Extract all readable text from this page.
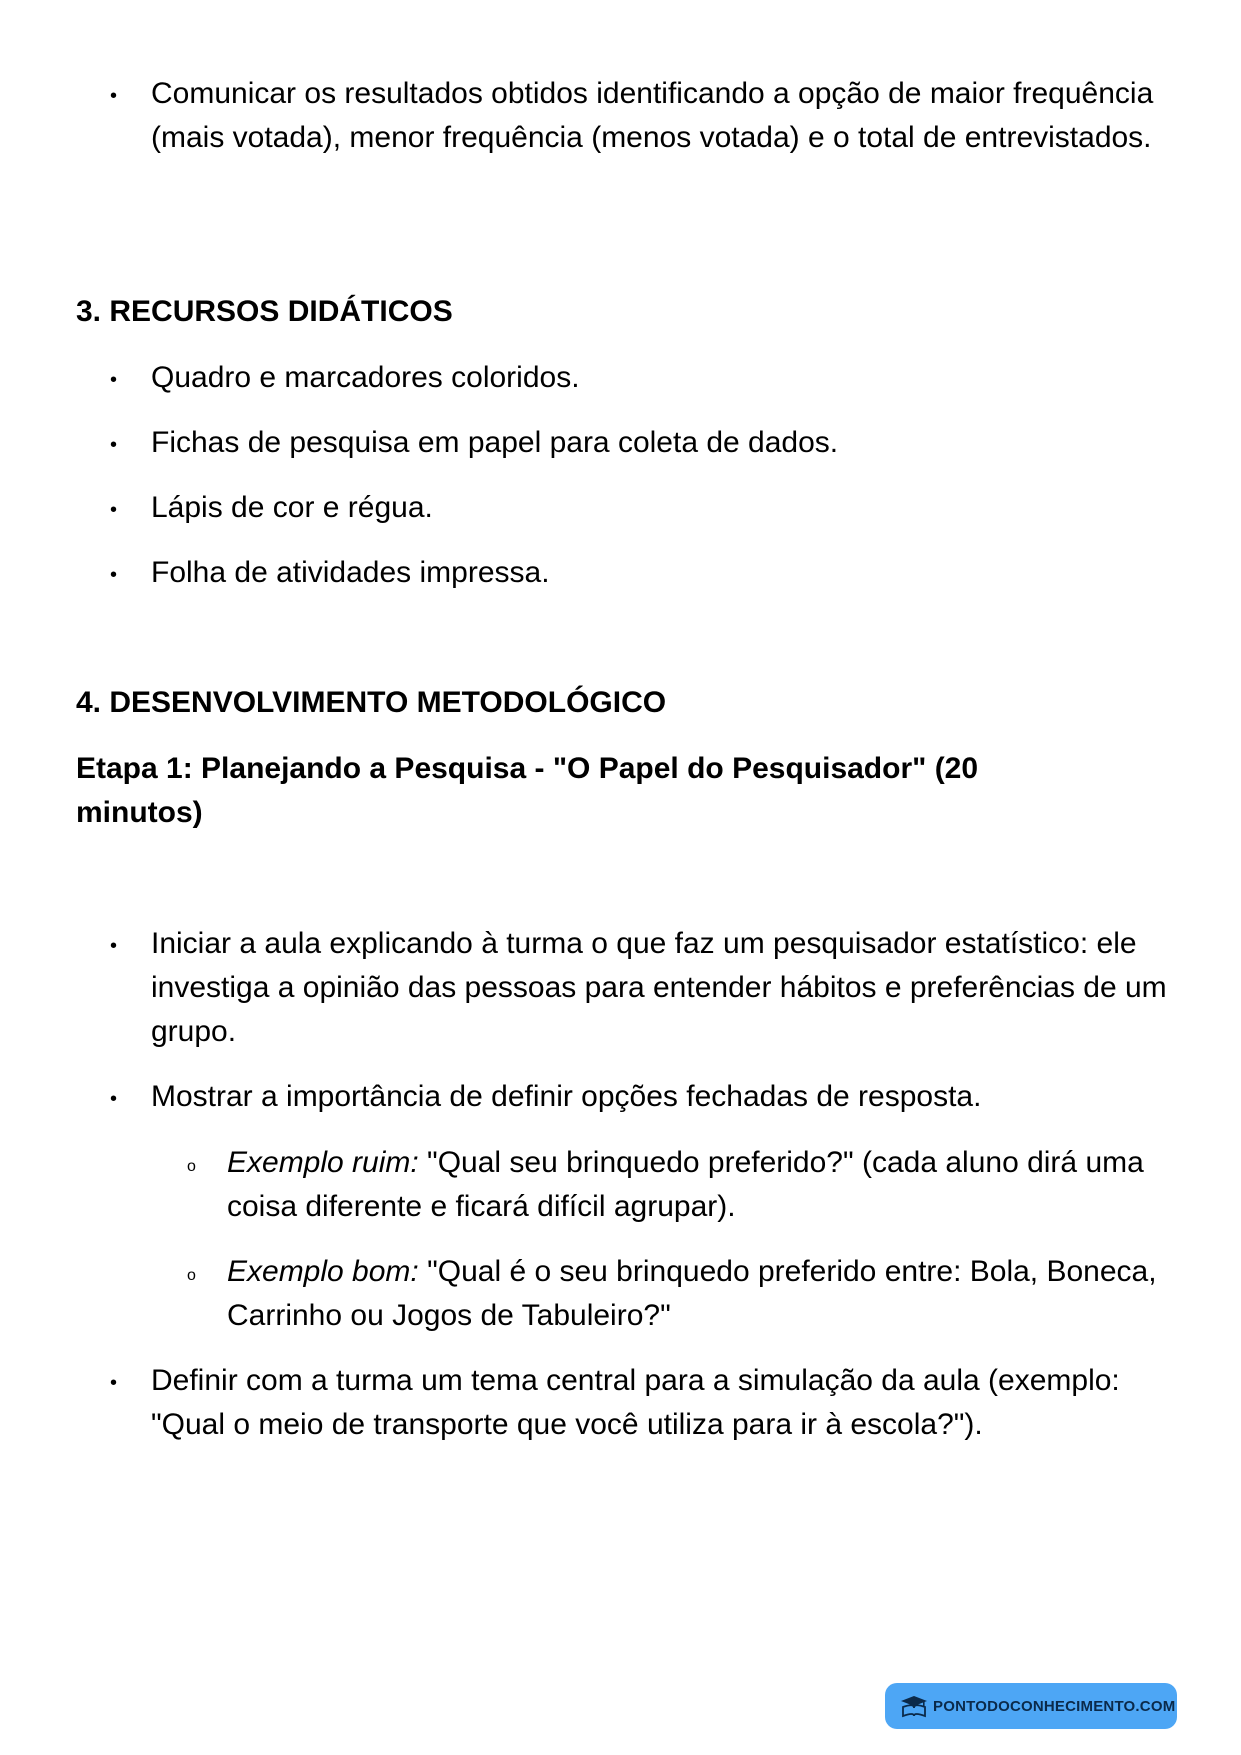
• Comunicar os resultados obtidos identificando a opção de maior frequência (mais votada), menor frequência (menos votada) e o total de entrevistados.
3. RECURSOS DIDÁTICOS
• Quadro e marcadores coloridos.
• Fichas de pesquisa em papel para coleta de dados.
• Lápis de cor e régua.
• Folha de atividades impressa.
4. DESENVOLVIMENTO METODOLÓGICO
Etapa 1: Planejando a Pesquisa - "O Papel do Pesquisador" (20 minutos)
• Iniciar a aula explicando à turma o que faz um pesquisador estatístico: ele investiga a opinião das pessoas para entender hábitos e preferências de um grupo.
• Mostrar a importância de definir opções fechadas de resposta.
o Exemplo ruim: "Qual seu brinquedo preferido?" (cada aluno dirá uma coisa diferente e ficará difícil agrupar).
o Exemplo bom: "Qual é o seu brinquedo preferido entre: Bola, Boneca, Carrinho ou Jogos de Tabuleiro?"
• Definir com a turma um tema central para a simulação da aula (exemplo: "Qual o meio de transporte que você utiliza para ir à escola?").
PONTODOCONHECIMENTO.COM
